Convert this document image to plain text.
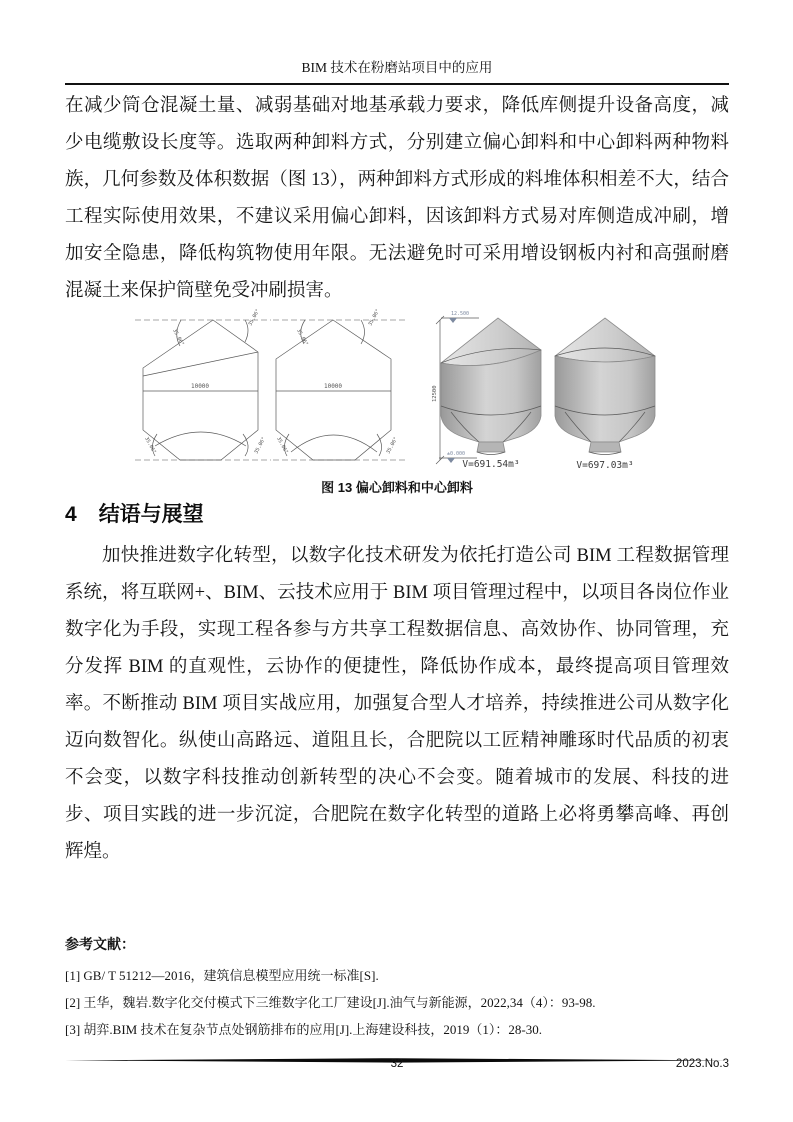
BIM 技术在粉磨站项目中的应用
在减少筒仓混凝土量、减弱基础对地基承载力要求，降低库侧提升设备高度，减少电缆敷设长度等。选取两种卸料方式，分别建立偏心卸料和中心卸料两种物料族，几何参数及体积数据（图 13），两种卸料方式形成的料堆体积相差不大，结合工程实际使用效果，不建议采用偏心卸料，因该卸料方式易对库侧造成冲刷，增加安全隐患，降低构筑物使用年限。无法避免时可采用增设钢板内衬和高强耐磨混凝土来保护筒壁免受冲刷损害。
10000
35.06°
35.06°
35.06°	35.06°
10000
35.06°
35.06°
35.06°	35.06°
12500
12.500
±0.000
V=691.54m³	V=697.03m³
图 13 偏心卸料和中心卸料
4 结语与展望
加快推进数字化转型，以数字化技术研发为依托打造公司 BIM 工程数据管理系统，将互联网+、BIM、云技术应用于 BIM 项目管理过程中，以项目各岗位作业数字化为手段，实现工程各参与方共享工程数据信息、高效协作、协同管理，充分发挥 BIM 的直观性，云协作的便捷性，降低协作成本，最终提高项目管理效率。不断推动 BIM 项目实战应用，加强复合型人才培养，持续推进公司从数字化迈向数智化。纵使山高路远、道阻且长，合肥院以工匠精神雕琢时代品质的初衷不会变，以数字科技推动创新转型的决心不会变。随着城市的发展、科技的进步、项目实践的进一步沉淀，合肥院在数字化转型的道路上必将勇攀高峰、再创辉煌。
参考文献：
[1] GB/ T 51212—2016，建筑信息模型应用统一标准[S].
[2] 王华，魏岩.数字化交付模式下三维数字化工厂建设[J].油气与新能源，2022,34（4）：93-98.
[3] 胡弈.BIM 技术在复杂节点处钢筋排布的应用[J].上海建设科技，2019（1）：28-30.
32	2023.No.3
